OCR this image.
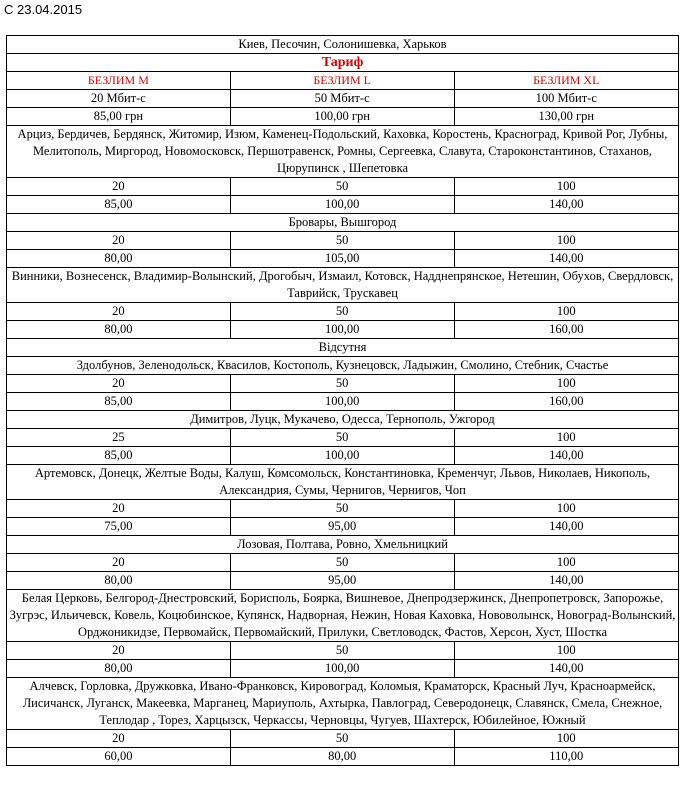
С 23.04.2015
Киев, Песочин, Солонишевка, Харьков		
Тариф		
БЕЗЛИМ M	БЕЗЛИМ L	БЕЗЛИМ XL
20 Мбит-с	50 Мбит-с	100 Мбит-с
85,00 грн	100,00 грн	130,00 грн
Арциз, Бердичев, Бердянск, Житомир, Изюм, Каменец-Подольский, Каховка, Коростень, Красноград, Кривой Рог, Лубны, Мелитополь, Миргород, Новомосковск, Першотравенск, Ромны, Сергеевка, Славута, Староконстантинов, Стаханов, Цюрупинск , Шепетовка		
20	50	100
85,00	100,00	140,00
Бровары, Вышгород		
20	50	100
80,00	105,00	140,00
Винники, Вознесенск, Владимир-Волынский, Дрогобыч, Измаил, Котовск, Надднепрянское, Нетешин, Обухов, Свердловск, Таврийск, Трускавец		
20	50	100
80,00	100,00	160,00
Відсутня		
Здолбунов, Зеленодольск, Квасилов, Костополь, Кузнецовск, Ладыжин, Смолино, Стебник, Счастье		
20	50	100
85,00	100,00	160,00
Димитров, Луцк, Мукачево, Одесса, Тернополь, Ужгород		
25	50	100
85,00	100,00	140,00
Артемовск, Донецк, Желтые Воды, Калуш, Комсомольск, Константиновка, Кременчуг, Львов, Николаев, Никополь, Александрия, Сумы, Чернигов, Чернигов, Чоп		
20	50	100
75,00	95,00	140,00
Лозовая, Полтава, Ровно, Хмельницкий		
20	50	100
80,00	95,00	140,00
Белая Церковь, Белгород-Днестровский, Борисполь, Боярка, Вишневое, Днепродзержинск, Днепропетровск, Запорожье, Зугрэс, Ильичевск, Ковель, Коцюбинское, Купянск, Надворная, Нежин, Новая Каховка, Нововолынск, Новоград-Волынский, Орджоникидзе, Первомайск, Первомайский, Прилуки, Светловодск, Фастов, Херсон, Хуст, Шостка		
20	50	100
80,00	100,00	140,00
Алчевск, Горловка, Дружковка, Ивано-Франковск, Кировоград, Коломыя, Краматорск, Красный Луч, Красноармейск, Лисичанск, Луганск, Макеевка, Марганец, Мариуполь, Ахтырка, Павлоград, Северодонецк, Славянск, Смела, Снежное, Теплодар , Торез, Харцызск, Черкассы, Черновцы, Чугуев, Шахтерск, Юбилейное, Южный		
20	50	100
60,00	80,00	110,00
